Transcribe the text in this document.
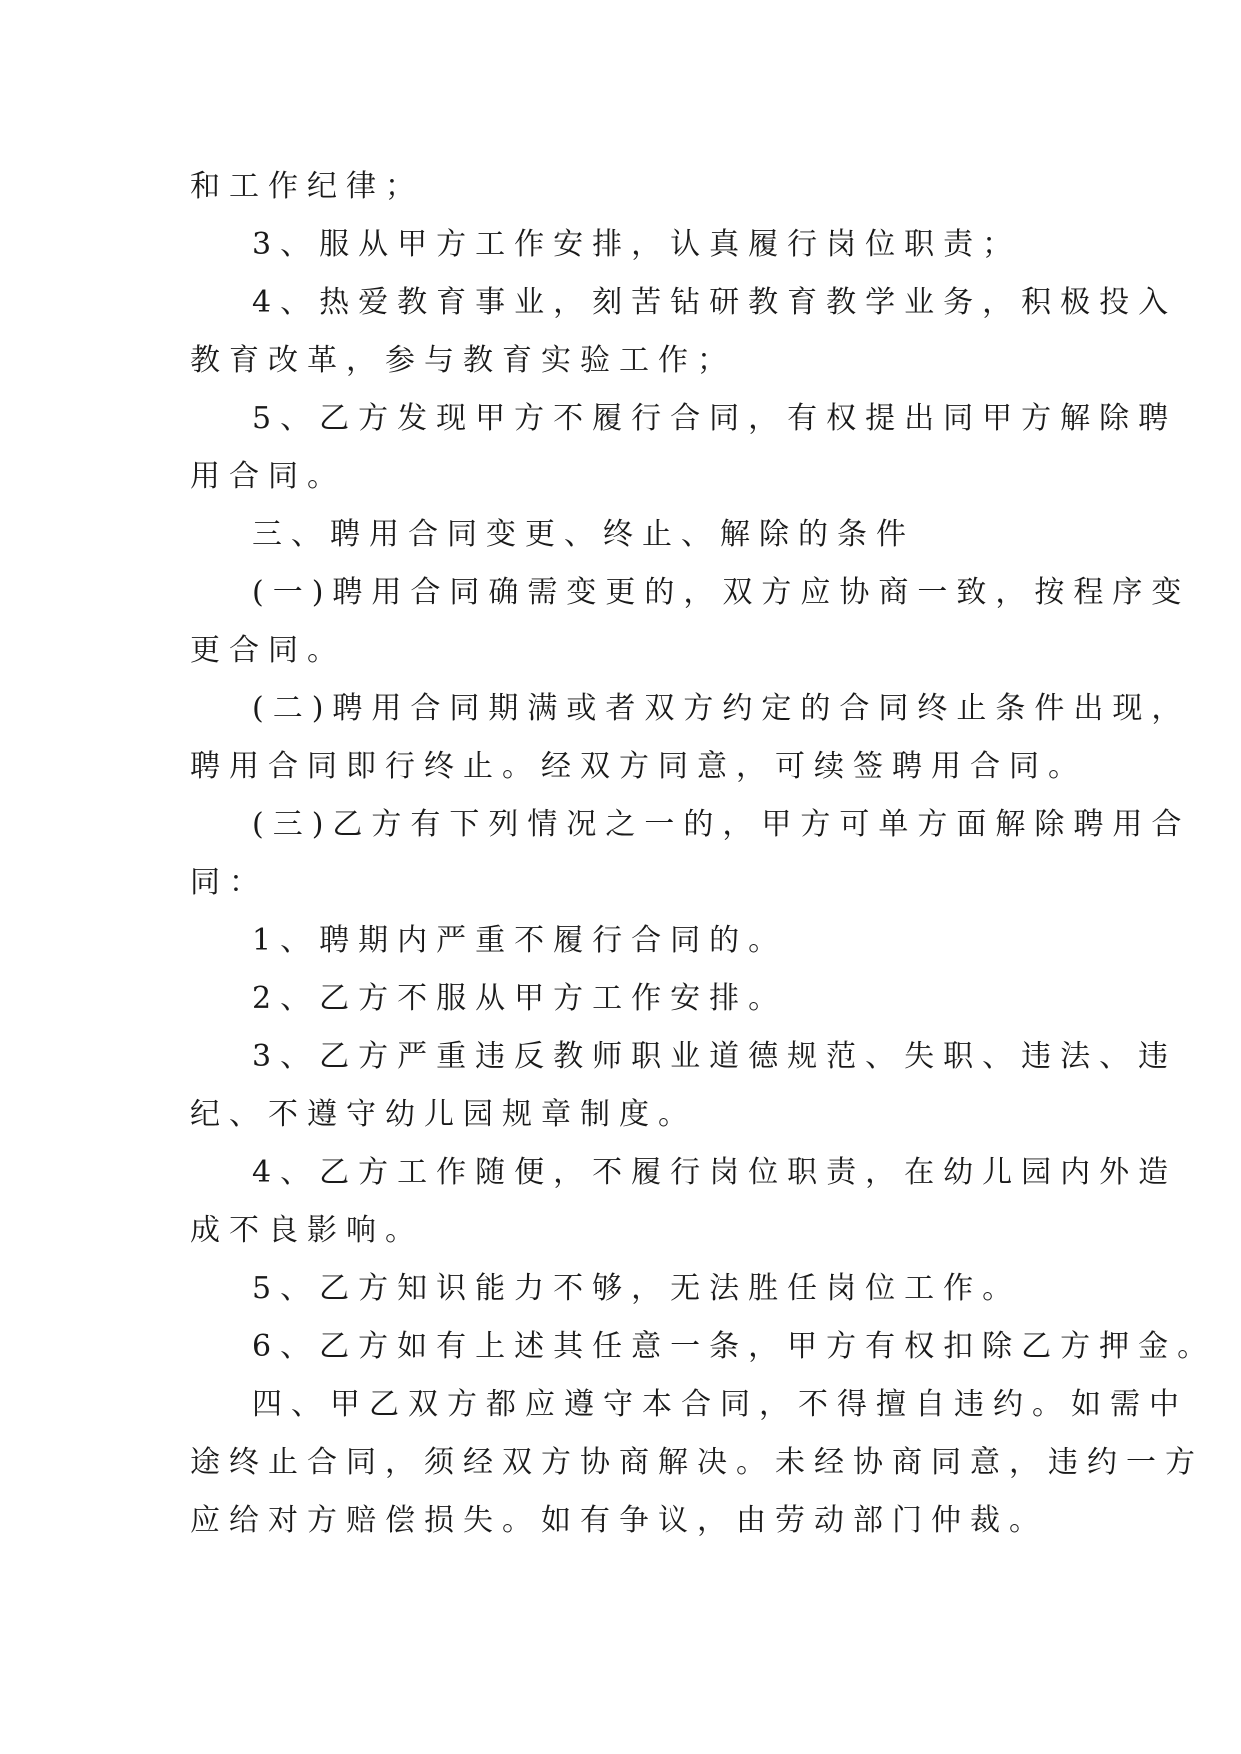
和工作纪律；
3、服从甲方工作安排，认真履行岗位职责；
4、热爱教育事业，刻苦钻研教育教学业务，积极投入
教育改革，参与教育实验工作；
5、乙方发现甲方不履行合同，有权提出同甲方解除聘
用合同。
三、聘用合同变更、终止、解除的条件
(一)聘用合同确需变更的，双方应协商一致，按程序变
更合同。
(二)聘用合同期满或者双方约定的合同终止条件出现，
聘用合同即行终止。经双方同意，可续签聘用合同。
(三)乙方有下列情况之一的，甲方可单方面解除聘用合
同：
1、聘期内严重不履行合同的。
2、乙方不服从甲方工作安排。
3、乙方严重违反教师职业道德规范、失职、违法、违
纪、不遵守幼儿园规章制度。
4、乙方工作随便，不履行岗位职责，在幼儿园内外造
成不良影响。
5、乙方知识能力不够，无法胜任岗位工作。
6、乙方如有上述其任意一条，甲方有权扣除乙方押金。
四、甲乙双方都应遵守本合同，不得擅自违约。如需中
途终止合同，须经双方协商解决。未经协商同意，违约一方
应给对方赔偿损失。如有争议，由劳动部门仲裁。
